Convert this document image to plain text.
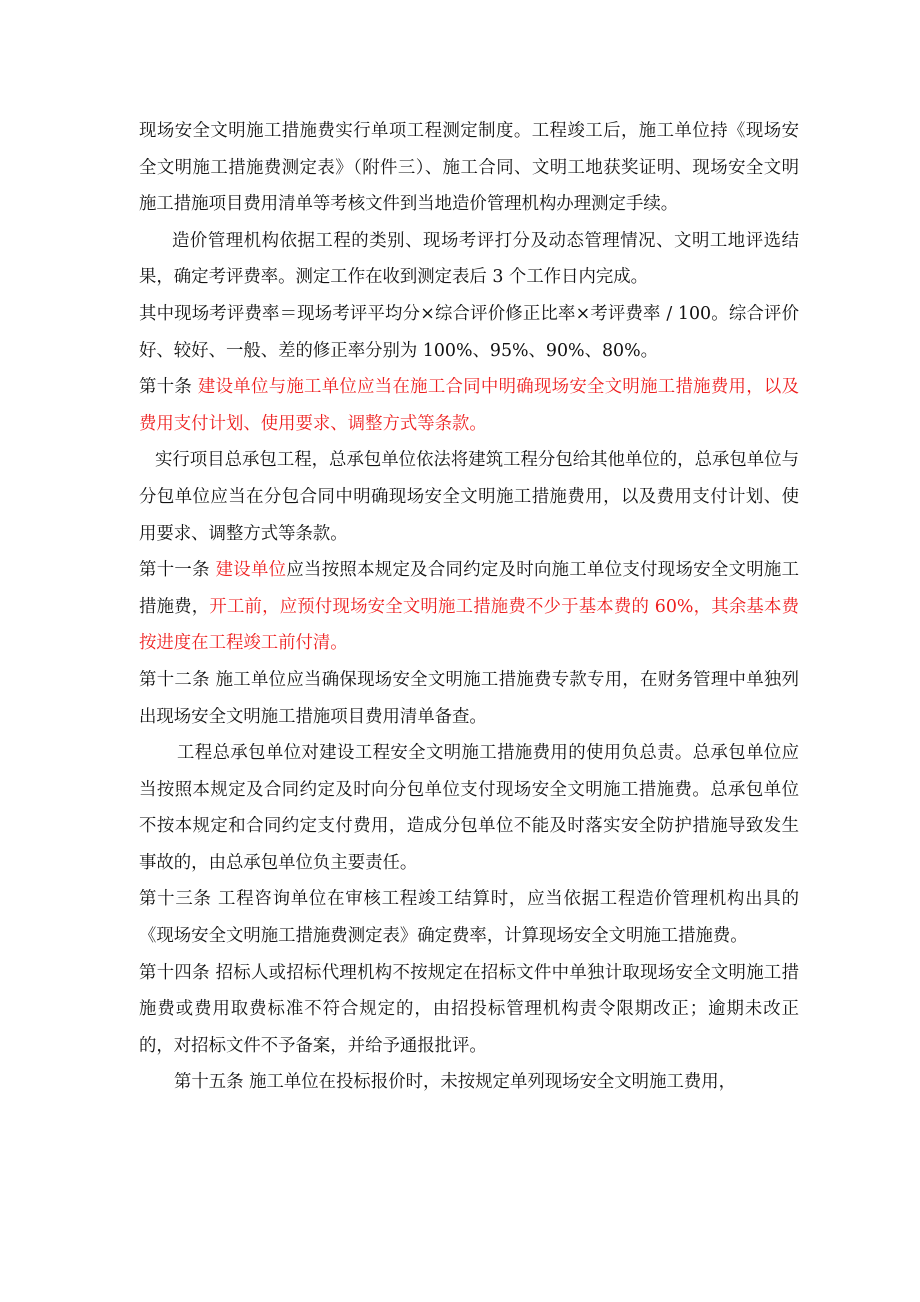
现场安全文明施工措施费实行单项工程测定制度。工程竣工后，施工单位持《现场安全文明施工措施费测定表》（附件三）、施工合同、文明工地获奖证明、现场安全文明施工措施项目费用清单等考核文件到当地造价管理机构办理测定手续。

造价管理机构依据工程的类别、现场考评打分及动态管理情况、文明工地评选结果，确定考评费率。测定工作在收到测定表后 3 个工作日内完成。

其中现场考评费率＝现场考评平均分×综合评价修正比率×考评费率 / 100。综合评价好、较好、一般、差的修正率分别为 100%、95%、90%、80%。

第十条 建设单位与施工单位应当在施工合同中明确现场安全文明施工措施费用，以及费用支付计划、使用要求、调整方式等条款。

实行项目总承包工程，总承包单位依法将建筑工程分包给其他单位的，总承包单位与分包单位应当在分包合同中明确现场安全文明施工措施费用，以及费用支付计划、使用要求、调整方式等条款。

第十一条 建设单位应当按照本规定及合同约定及时向施工单位支付现场安全文明施工措施费，开工前，应预付现场安全文明施工措施费不少于基本费的 60%，其余基本费按进度在工程竣工前付清。

第十二条 施工单位应当确保现场安全文明施工措施费专款专用，在财务管理中单独列出现场安全文明施工措施项目费用清单备查。

工程总承包单位对建设工程安全文明施工措施费用的使用负总责。总承包单位应当按照本规定及合同约定及时向分包单位支付现场安全文明施工措施费。总承包单位不按本规定和合同约定支付费用，造成分包单位不能及时落实安全防护措施导致发生事故的，由总承包单位负主要责任。

第十三条 工程咨询单位在审核工程竣工结算时，应当依据工程造价管理机构出具的《现场安全文明施工措施费测定表》确定费率，计算现场安全文明施工措施费。

第十四条 招标人或招标代理机构不按规定在招标文件中单独计取现场安全文明施工措施费或费用取费标准不符合规定的，由招投标管理机构责令限期改正；逾期未改正的，对招标文件不予备案，并给予通报批评。

第十五条 施工单位在投标报价时，未按规定单列现场安全文明施工费用，
